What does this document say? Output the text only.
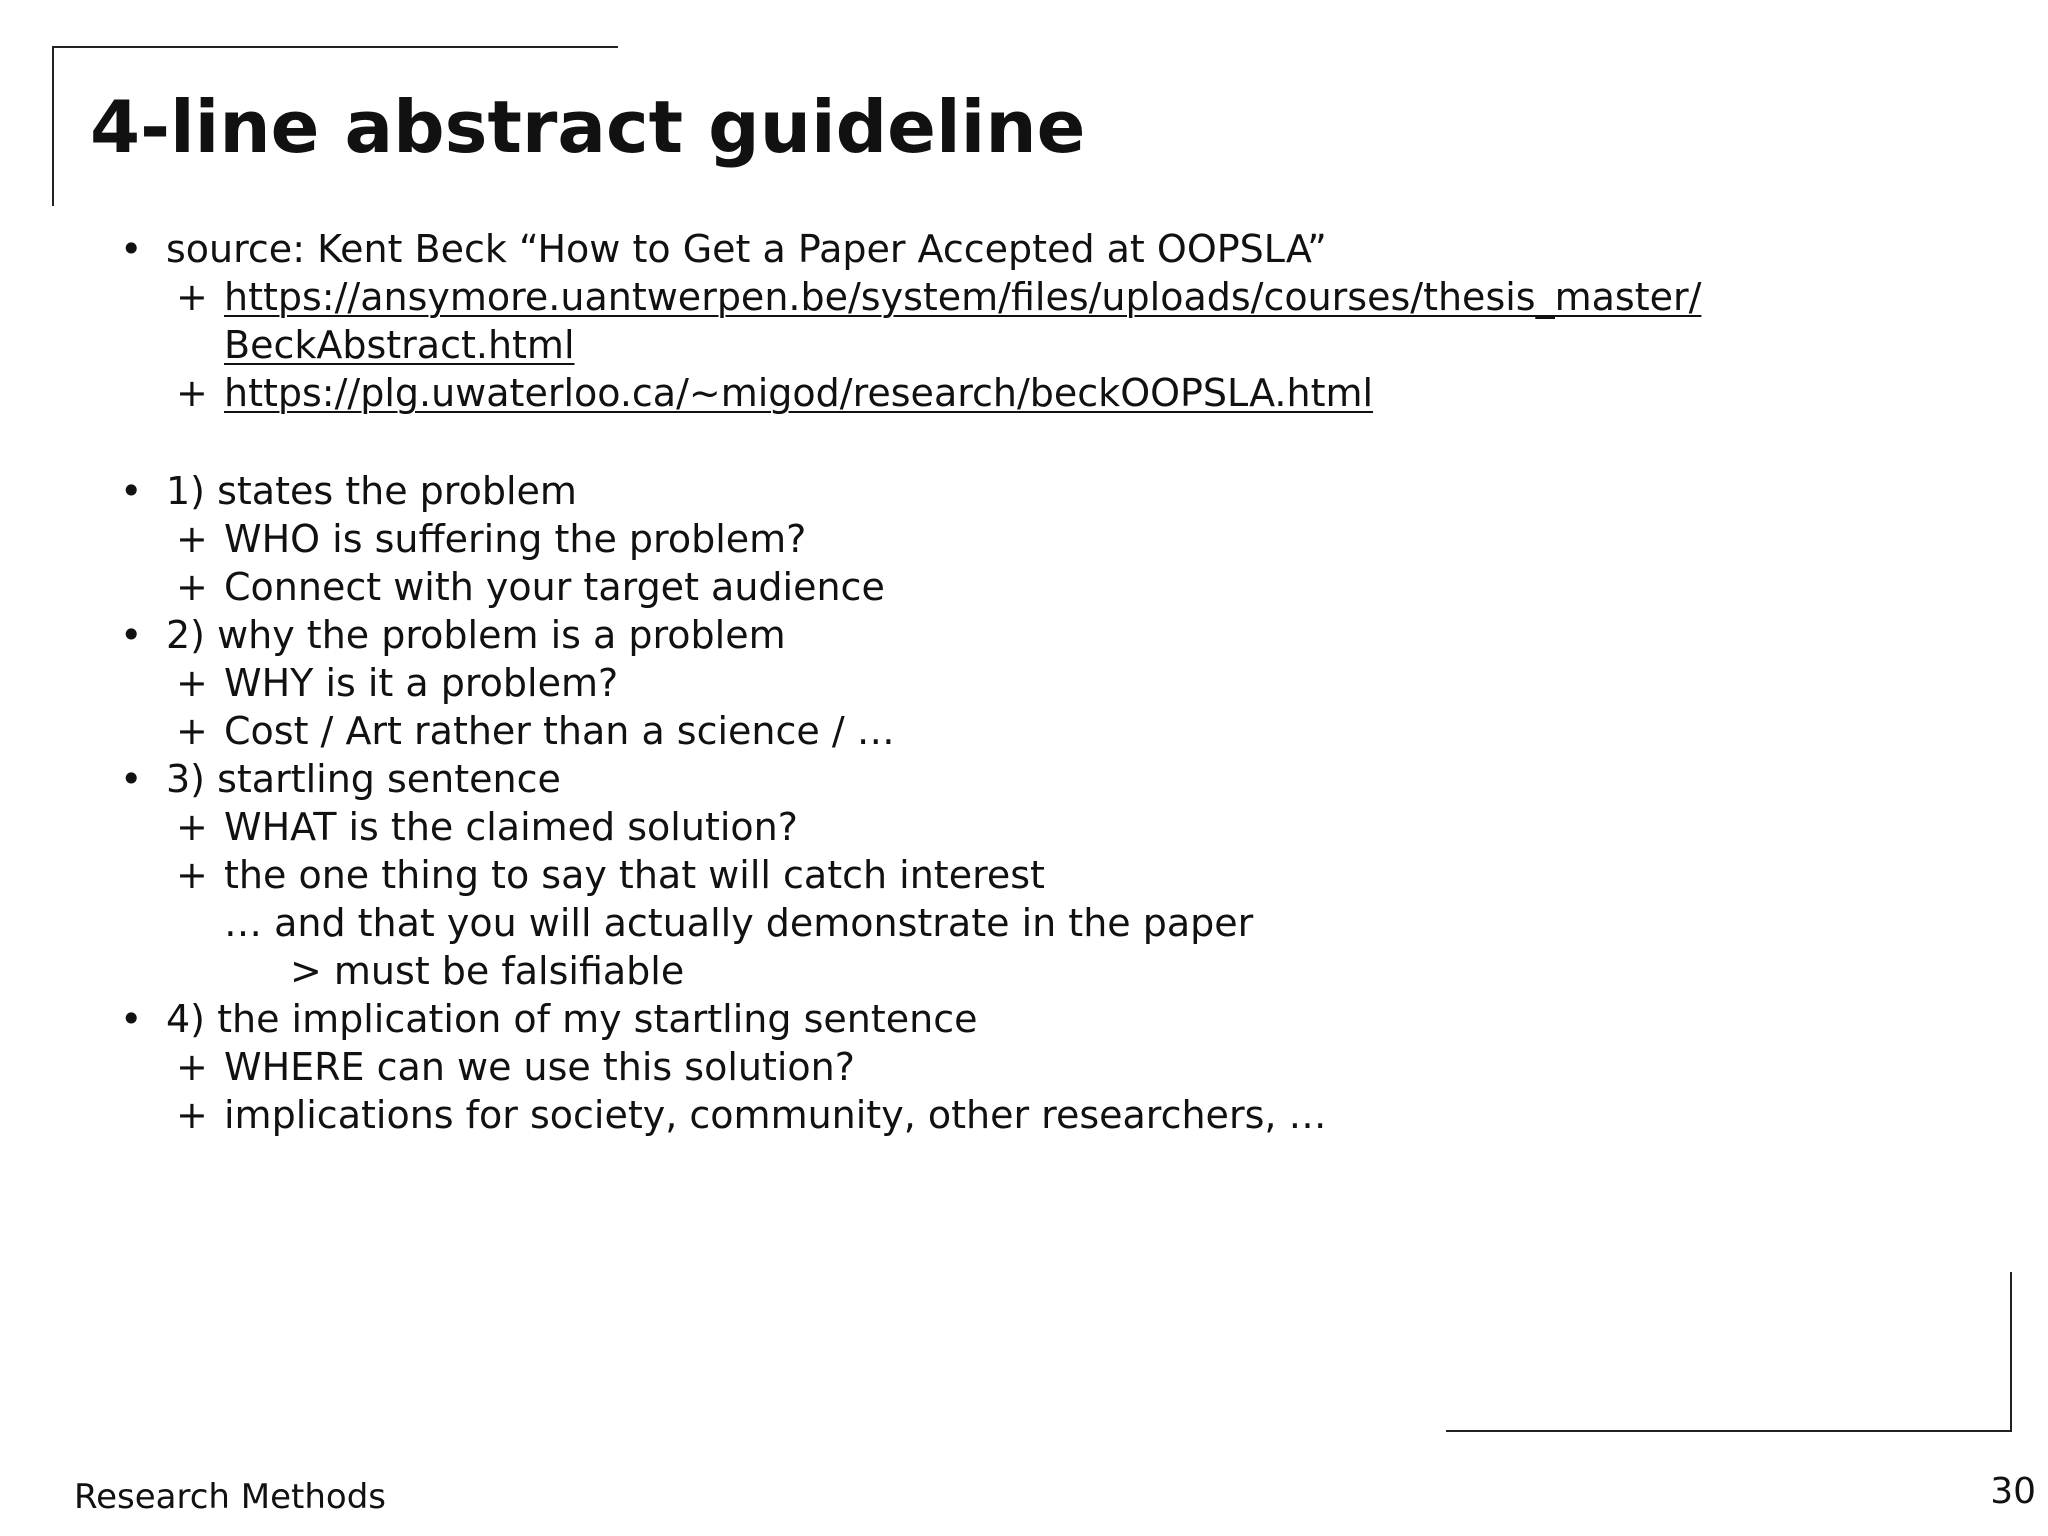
4-line abstract guideline
• source: Kent Beck “How to Get a Paper Accepted at OOPSLA”
+ https://ansymore.uantwerpen.be/system/files/uploads/courses/thesis_master/
BeckAbstract.html
+ https://plg.uwaterloo.ca/~migod/research/beckOOPSLA.html
• 1) states the problem
+ WHO is suffering the problem?
+ Connect with your target audience
• 2) why the problem is a problem
+ WHY is it a problem?
+ Cost / Art rather than a science / …
• 3) startling sentence
+ WHAT is the claimed solution?
+ the one thing to say that will catch interest
… and that you will actually demonstrate in the paper
> must be falsifiable
• 4) the implication of my startling sentence
+ WHERE can we use this solution?
+ implications for society, community, other researchers, …
Research Methods	30
